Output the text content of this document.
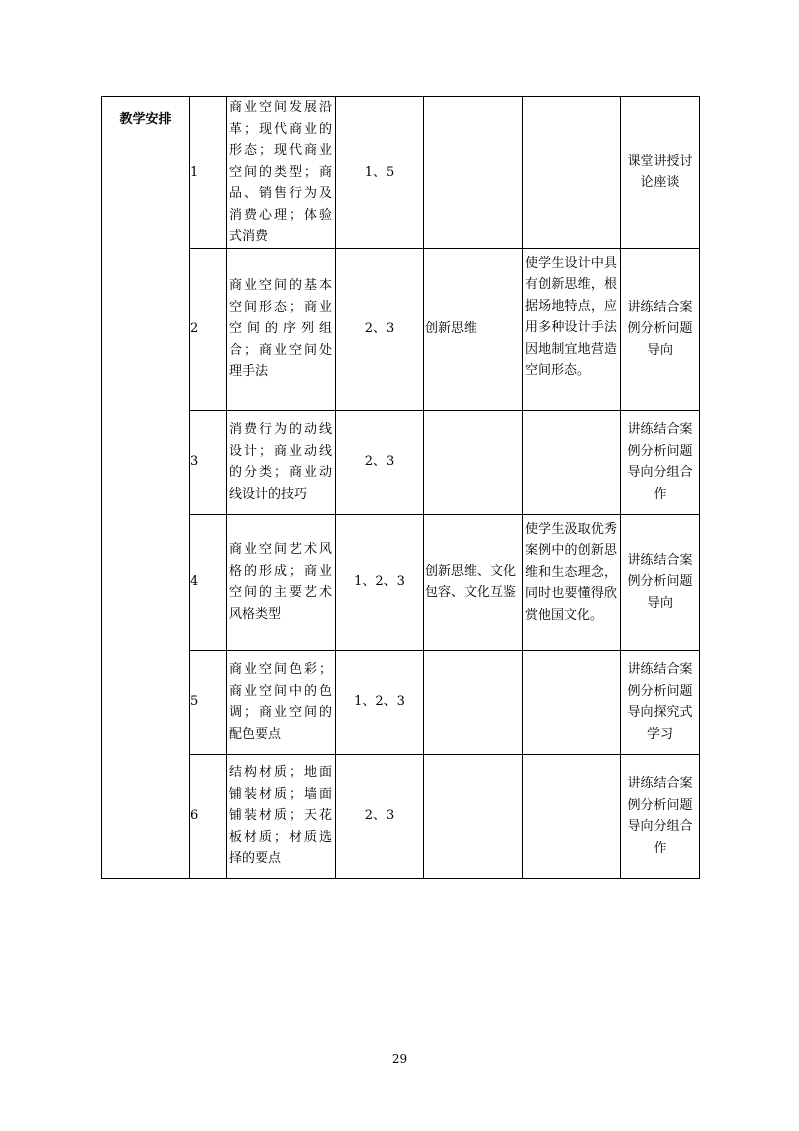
教学安排	1	商业空间发展沿革；现代商业的形态；现代商业空间的类型；商品、销售行为及消费心理；体验式消费	1、5			课堂讲授讨论座谈
	2	商业空间的基本空间形态；商业空间的序列组合；商业空间处理手法	2、3	创新思维	使学生设计中具有创新思维，根据场地特点，应用多种设计手法因地制宜地营造空间形态。	讲练结合案例分析问题导向
	3	消费行为的动线设计；商业动线的分类；商业动线设计的技巧	2、3			讲练结合案例分析问题导向分组合作
	4	商业空间艺术风格的形成；商业空间的主要艺术风格类型	1、2、3	创新思维、文化包容、文化互鉴	使学生汲取优秀案例中的创新思维和生态理念，同时也要懂得欣赏他国文化。	讲练结合案例分析问题导向
	5	商业空间色彩；商业空间中的色调；商业空间的配色要点	1、2、3			讲练结合案例分析问题导向探究式学习
	6	结构材质；地面铺装材质；墙面铺装材质；天花板材质；材质选择的要点	2、3			讲练结合案例分析问题导向分组合作
29
